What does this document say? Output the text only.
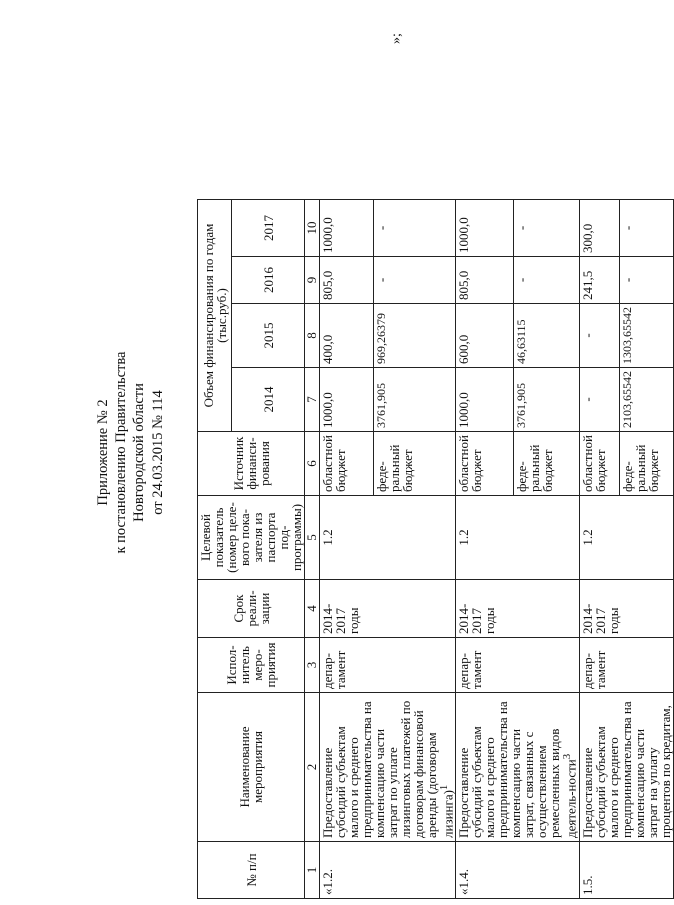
Приложение № 2 к постановлению Правительства Новгородской области от 24.03.2015 № 114
»;
№ п/п	Наименование мероприятия	Испол-нитель меро-приятия	Срок реали-зации	Целевой показатель (номер целе-вого пока-зателя из паспорта под-программы)	Источник финанси-рования	Объем финансирования по годам (тыс.руб.)			
						2014	2015	2016	2017
1	2	3	4	5	6	7	8	9	10
«1.2.	Предоставление субсидий субъектам малого и среднего предпринимательства на компенсацию части затрат по уплате лизинговых платежей по договорам финансовой аренды (договорам лизинга)$^1$	депар-тамент	2014-2017 годы	1.2	областной бюджет	1000,0	400,0	805,0	1000,0
					феде-ральный бюджет	3761,905	969,26379	-	-
«1.4.	Предоставление субсидий субъектам малого и среднего предпринимательства на компенсацию части затрат, связанных с осуществлением ремесленных видов деятель-ности$^3$	депар-тамент	2014-2017 годы	1.2	областной бюджет	1000,0	600,0	805,0	1000,0
					феде-ральный бюджет	3761,905	46,63115	-	-
1.5.	Предоставление субсидий субъектам малого и среднего предпринимательства на компенсацию части затрат на уплату процентов по кредитам,	депар-тамент	2014-2017 годы	1.2	областной бюджет	-	-	241,5	300,0
					феде-ральный бюджет	2103,65542	1303,65542	-	-
